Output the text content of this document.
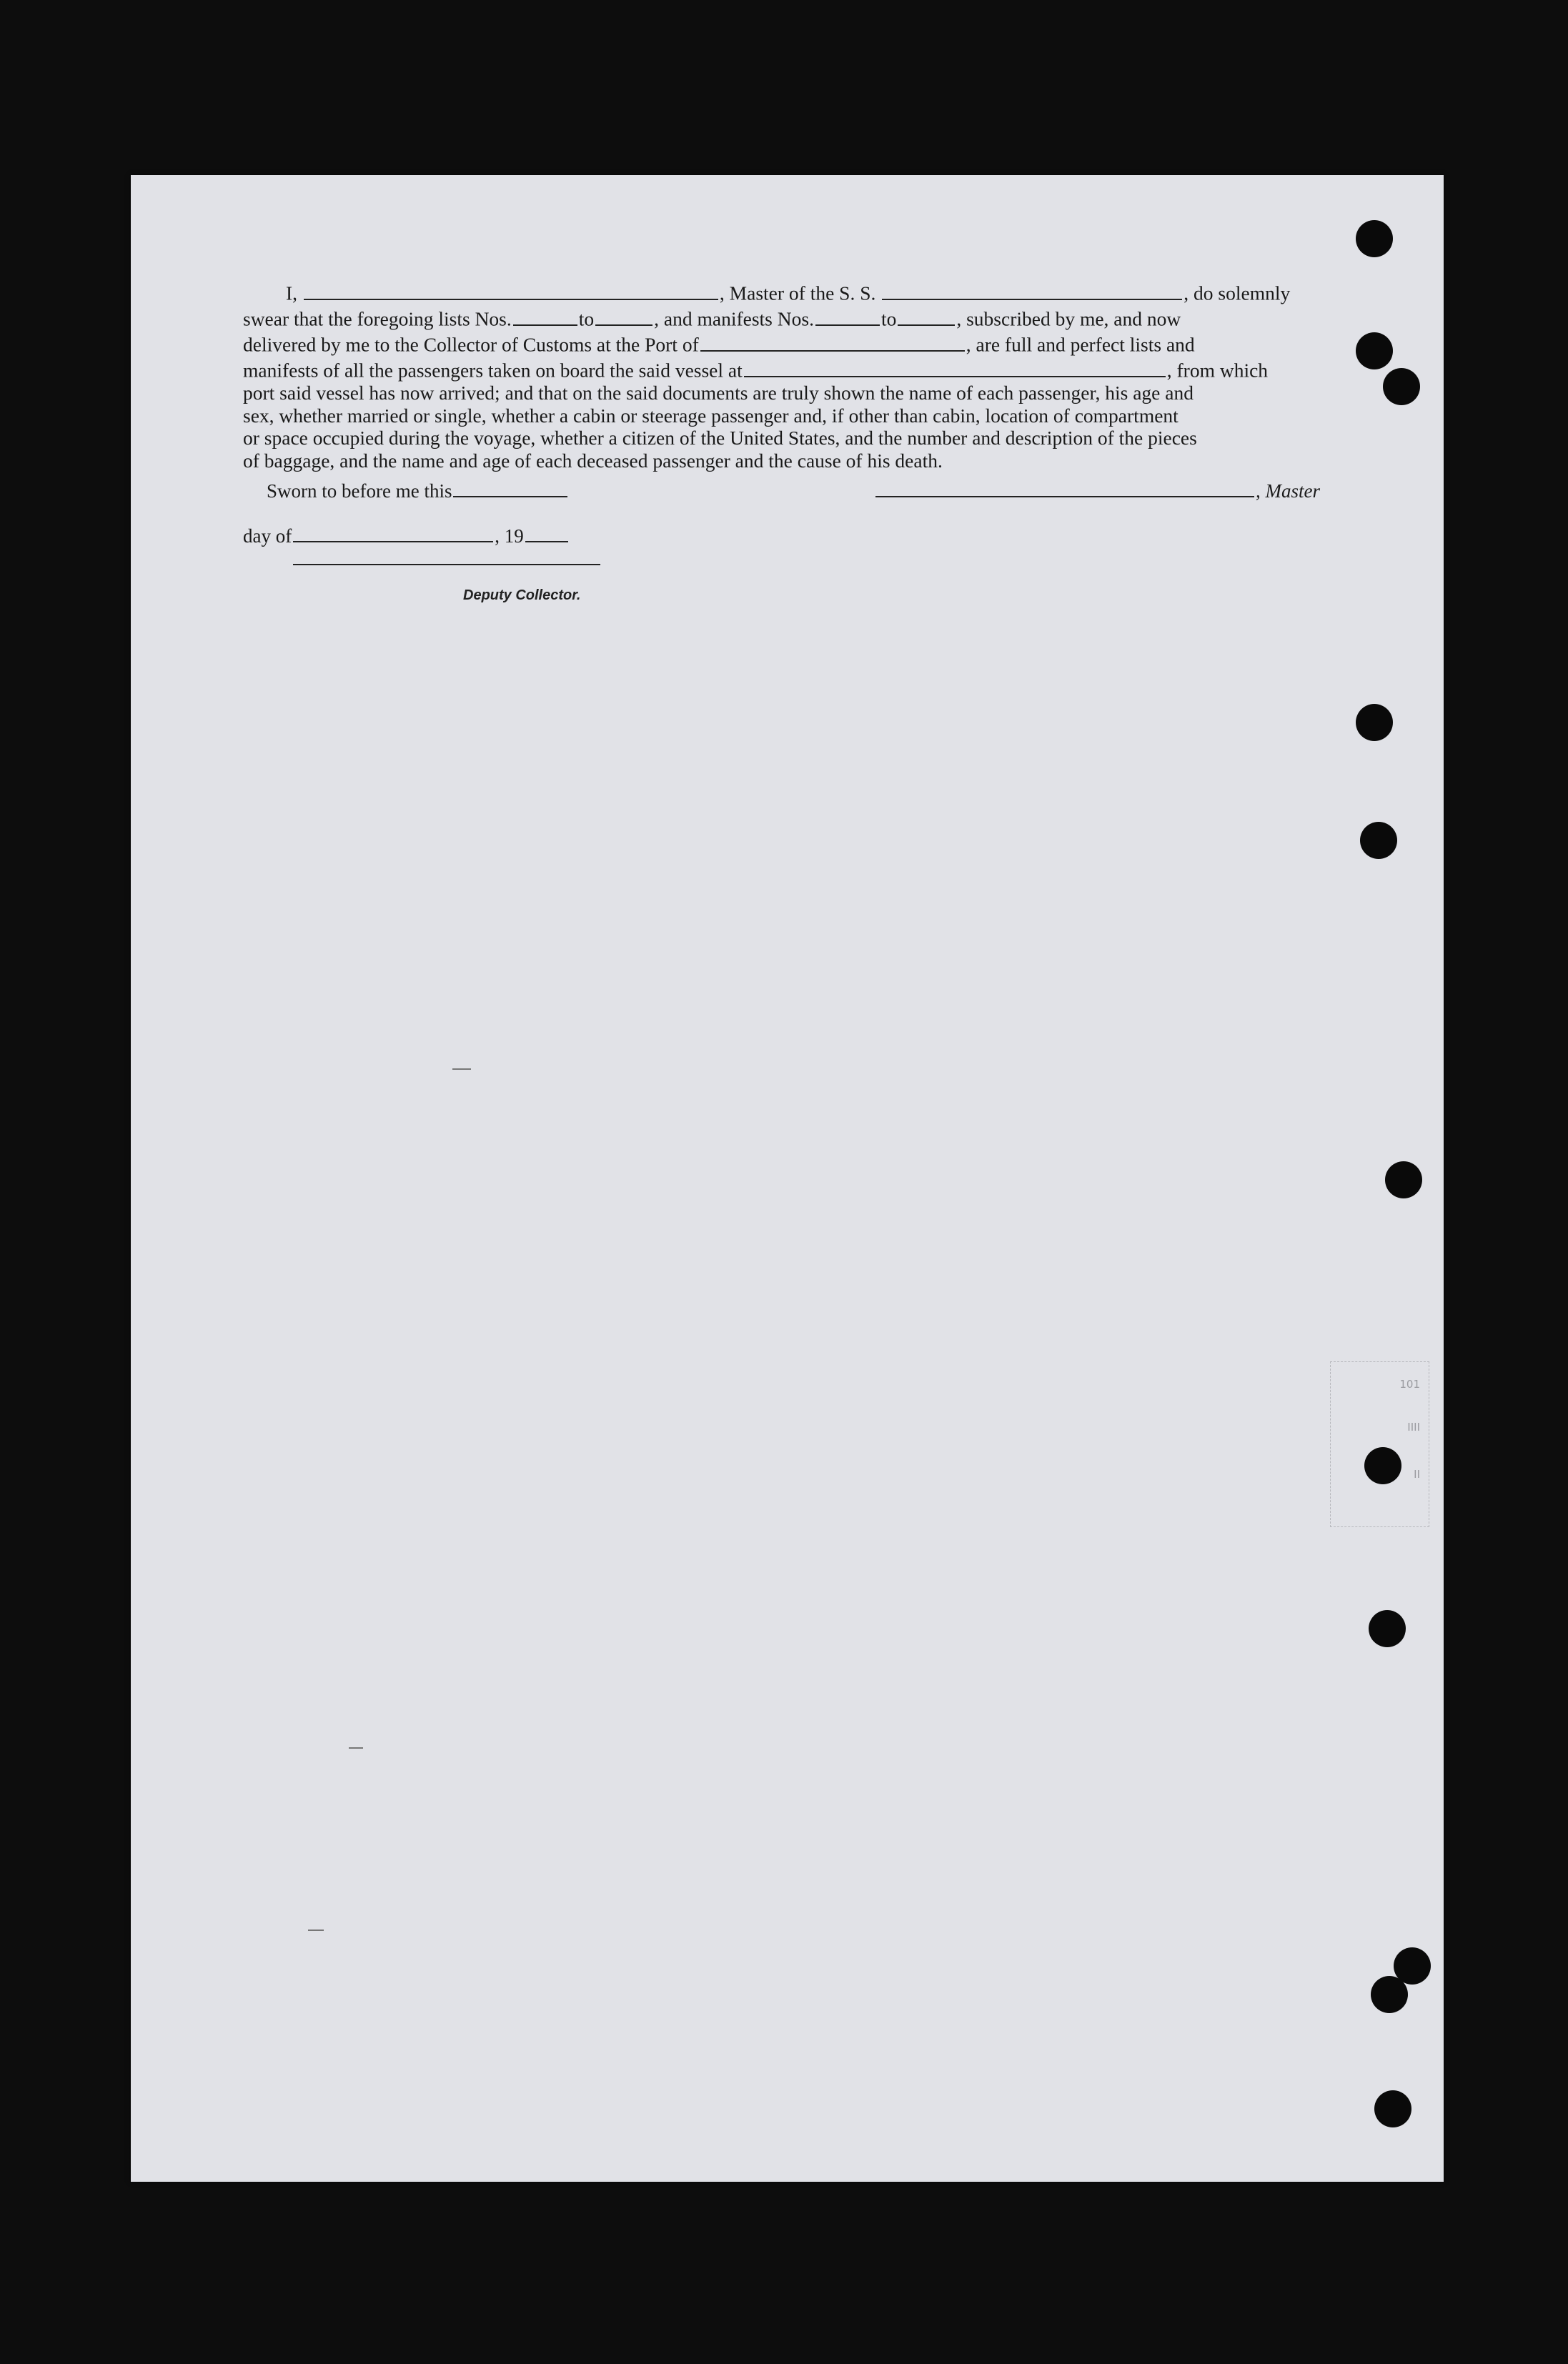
I,	, Master of the S. S.	, do solemnly
swear that the foregoing lists Nos.	to	, and manifests Nos.	to	, subscribed by me, and now
delivered by me to the Collector of Customs at the Port of	, are full and perfect lists and
manifests of all the passengers taken on board the said vessel at	, from which
port said vessel has now arrived; and that on the said documents are truly shown the name of each passenger, his age and
sex, whether married or single, whether a cabin or steerage passenger and, if other than cabin, location of compartment
or space occupied during the voyage, whether a citizen of the United States, and the number and description of the pieces
of baggage, and the name and age of each deceased passenger and the cause of his death.
Sworn to before me this	, Master
day of	, 19
Deputy Collector.
101
IIII
II
